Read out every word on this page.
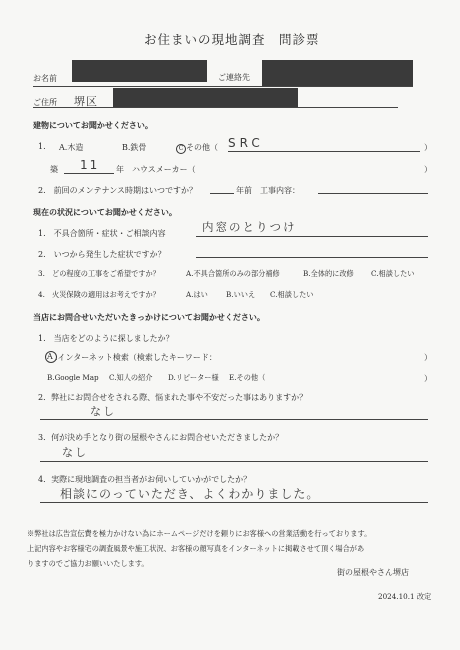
お住まいの現地調査　問診票
お名前	ご連絡先
ご住所 堺区
建物についてお聞かせください。
1. A.木造	B.鉄骨	C その他（ SRC	）
築 11 年　ハウスメーカー（	）
2.　前回のメンテナンス時期はいつですか？	年前　工事内容：
現在の状況についてお聞かせください。
1.　不具合箇所・症状・ご相談内容	内窓のとりつけ
2.　いつから発生した症状ですか？
3.　どの程度の工事をご希望ですか？	A.不具合箇所のみの部分補修	B.全体的に改修 C.相談したい
4.　火災保険の適用はお考えですか？	A.はい	B.いいえ C.相談したい
当店にお問合せいただいたきっかけについてお聞かせください。
1.　当店をどのように探しましたか？
A .インターネット検索（検索したキーワード：	）
B.Google Map C.知人の紹介 D.リピーター様 E.その他（	）
2．弊社にお問合せをされる際、悩まれた事や不安だった事はありますか？
なし
3．何が決め手となり街の屋根やさんにお問合せいただきましたか？
なし
4．実際に現地調査の担当者がお伺いしていかがでしたか？
相談にのっていただき、よくわかりました。
※弊社は広告宣伝費を極力かけない為にホームページだけを頼りにお客様への営業活動を行っております。
上記内容やお客様宅の調査風景や施工状況、お客様の顔写真をインターネットに掲載させて頂く場合があ
りますのでご協力お願いいたします。
街の屋根やさん堺店
2024.10.1 改定
